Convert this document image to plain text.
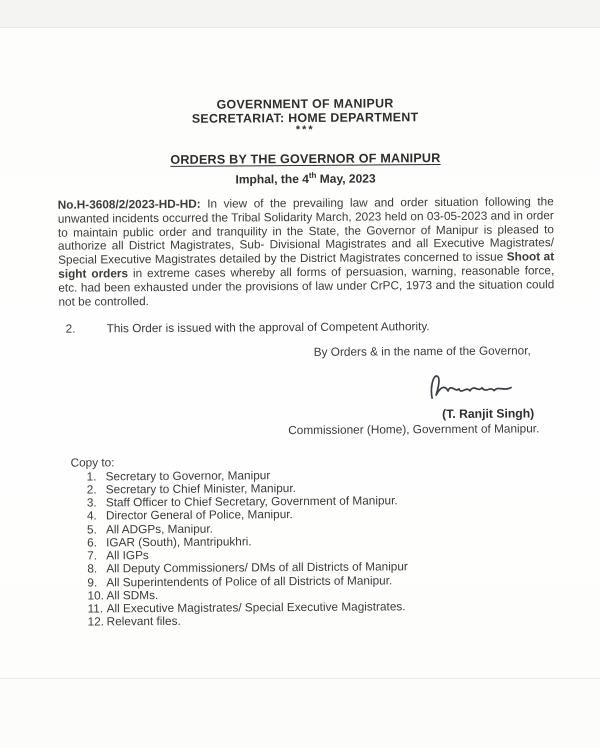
GOVERNMENT OF MANIPUR
SECRETARIAT: HOME DEPARTMENT
***
ORDERS BY THE GOVERNOR OF MANIPUR
Imphal, the 4th May, 2023

No.H-3608/2/2023-HD-HD: In view of the prevailing law and order situation following the unwanted incidents occurred the Tribal Solidarity March, 2023 held on 03-05-2023 and in order to maintain public order and tranquility in the State, the Governor of Manipur is pleased to authorize all District Magistrates, Sub- Divisional Magistrates and all Executive Magistrates/ Special Executive Magistrates detailed by the District Magistrates concerned to issue Shoot at sight orders in extreme cases whereby all forms of persuasion, warning, reasonable force, etc. had been exhausted under the provisions of law under CrPC, 1973 and the situation could not be controlled.

2.	This Order is issued with the approval of Competent Authority.
By Orders & in the name of the Governor,
(T. Ranjit Singh)
Commissioner (Home), Government of Manipur.
Copy to:
1. Secretary to Governor, Manipur
2. Secretary to Chief Minister, Manipur.
3. Staff Officer to Chief Secretary, Government of Manipur.
4. Director General of Police, Manipur.
5. All ADGPs, Manipur.
6. IGAR (South), Mantripukhri.
7. All IGPs
8. All Deputy Commissioners/ DMs of all Districts of Manipur
9. All Superintendents of Police of all Districts of Manipur.
10. All SDMs.
11. All Executive Magistrates/ Special Executive Magistrates.
12. Relevant files.
